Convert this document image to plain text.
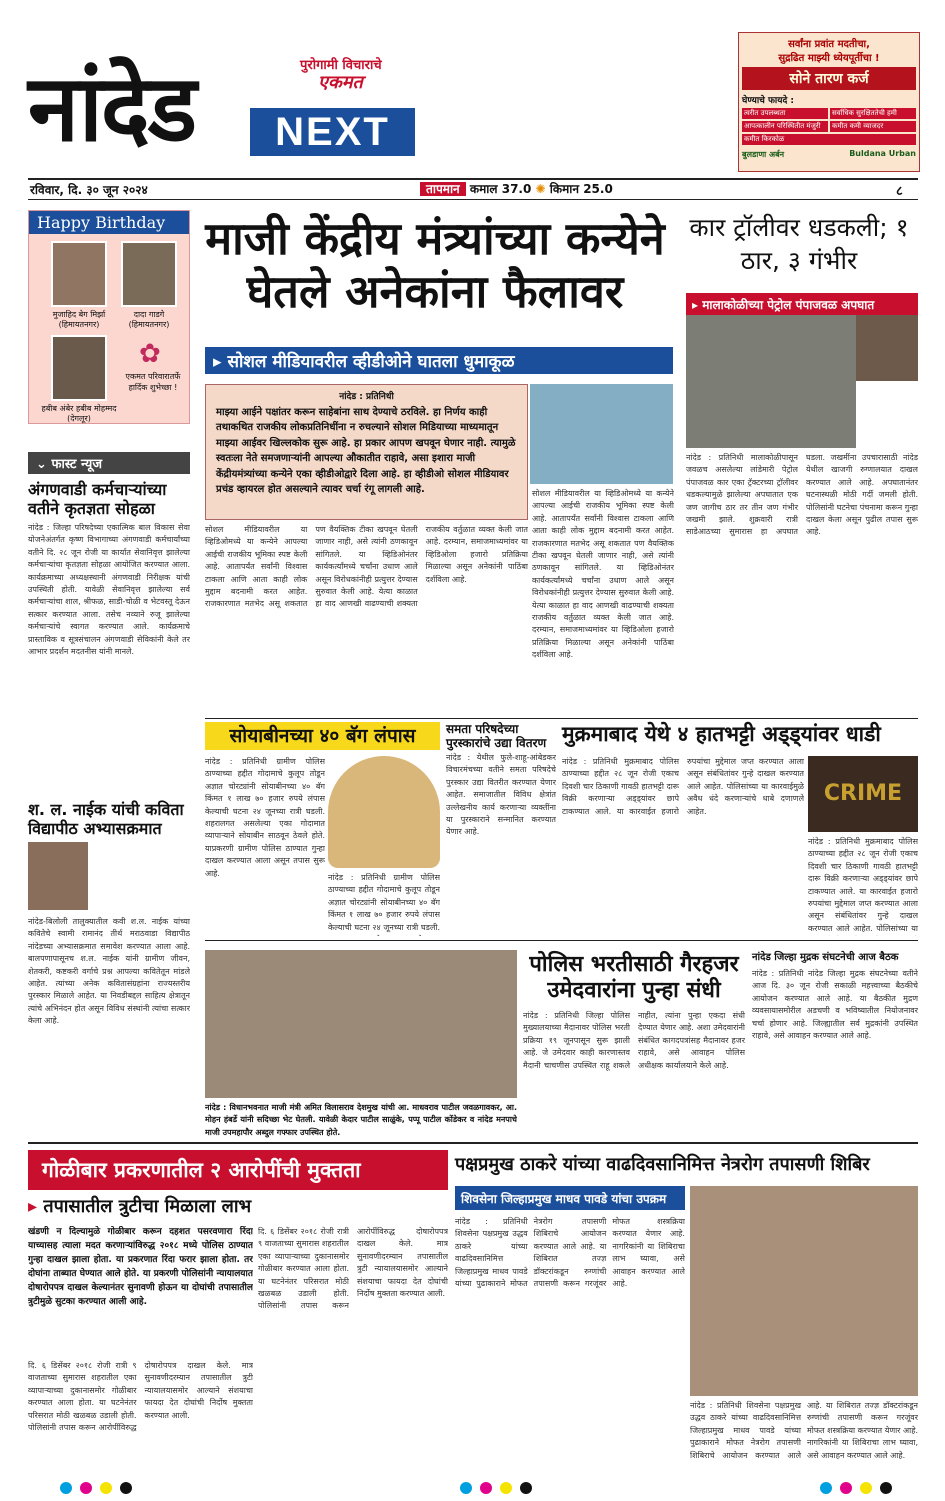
नांदेड	पुरोगामी विचाराचे
एकमत
NEXT
सर्वांना प्रवांत मदतीचा,
सुद्रढित माझ्यी ध्येयपूर्तीचा !
सोने तारण कर्ज
घेण्याचे फायदे :
त्वरीत उपलब्धता	सर्वाधिक सुरक्षिततेची हमी
आपत्कालीन परिस्थितीत मंजुरी	कमीत कमी व्याजदर
कमीत किरकोळ
बुलडाणा अर्बन	Buldana Urban
रविवार, दि. ३० जून २०२४	तापमान कमाल 37.0 ✺ किमान 25.0	८
Happy Birthday
मुजाहिद बेग मिर्झा
(हिमायतनगर)
दादा गाडगे
(हिमायतनगर)
हबीब अंबेर हबीब मोहम्मद
(देगलूर)
✿
एकमत परिवारातर्फे हार्दिक शुभेच्छा !
⌄ फास्ट न्यूज
अंगणवाडी कर्मचाऱ्यांच्या वतीने कृतज्ञता सोहळा
नांदेड : जिल्हा परिषदेच्या एकात्मिक बाल विकास सेवा योजनेअंतर्गत कृष्ण विभागाच्या अंगणवाडी कर्मचार्यांच्या वतीने दि. २८ जून रोजी या कार्यात सेवानिवृत्त झालेल्या कर्मचाऱ्यांचा कृतज्ञता सोहळा आयोजित करण्यात आला. कार्यक्रमाच्या अध्यक्षस्थानी अंगणवाडी निरीक्षक यांची उपस्थिती होती. यावेळी सेवानिवृत्त झालेल्या सर्व कर्मचाऱ्यांचा शाल, श्रीफळ, साडी-चोळी व भेटवस्तू देऊन सत्कार करण्यात आला. तसेच नव्याने रुजू झालेल्या कर्मचाऱ्यांचे स्वागत करण्यात आले. कार्यक्रमाचे प्रास्ताविक व सूत्रसंचालन अंगणवाडी सेविकांनी केले तर आभार प्रदर्शन मदतनीस यांनी मानले.
श. ल. नाईक यांची कविता विद्यापीठ अभ्यासक्रमात
नांदेड-बिलोली तालुक्यातील कवी श.ल. नाईक यांच्या कवितेचे स्वामी रामानंद तीर्थ मराठवाडा विद्यापीठ नांदेडच्या अभ्यासक्रमात समावेश करण्यात आला आहे. बालपणापासूनच श.ल. नाईक यांनी ग्रामीण जीवन, शेतकरी, कष्टकरी वर्गाचे प्रश्न आपल्या कवितेतून मांडले आहेत. त्यांच्या अनेक कवितासंग्रहांना राज्यस्तरीय पुरस्कार मिळाले आहेत. या निवडीबद्दल साहित्य क्षेत्रातून त्यांचे अभिनंदन होत असून विविध संस्थांनी त्यांचा सत्कार केला आहे.
माजी केंद्रीय मंत्र्यांच्या कन्येने घेतले अनेकांना फैलावर
▸ सोशल मीडियावरील व्हीडीओने घातला धुमाकूळ
नांदेड : प्रतिनिधी
माझ्या आईने पक्षांतर करून साहेबांना साथ देण्याचे ठरविले. हा निर्णय काही तथाकथित राजकीय लोकप्रतिनिधींना न रुचल्याने सोशल मिडियाच्या माध्यमातून माझ्या आईवर खिल्लकोक सुरू आहे. हा प्रकार आपण खपवून घेणार नाही. त्यामुळे स्वतःला नेते समजणाऱ्यांनी आपल्या औकातीत राहावे, असा इशारा माजी केंद्रीयमंत्र्यांच्या कन्येने एका व्हीडीओद्वारे दिला आहे. हा व्हीडीओ सोशल मीडियावर प्रचंड व्हायरल होत असल्याने त्यावर चर्चा रंगू लागली आहे.
सोशल मीडियावरील या व्हिडिओमध्ये या कन्येने आपल्या आईची राजकीय भूमिका स्पष्ट केली आहे. आतापर्यंत सर्वांनी विश्वास टाकला आणि आता काही लोक मुद्दाम बदनामी करत आहेत. राजकारणात मतभेद असू शकतात पण वैयक्तिक टीका खपवून घेतली जाणार नाही, असे त्यांनी ठणकावून सांगितले. या व्हिडिओनंतर कार्यकर्त्यांमध्ये चर्चांना उधाण आले असून विरोधकांनीही प्रत्युत्तर देण्यास सुरुवात केली आहे. येत्या काळात हा वाद आणखी वाढण्याची शक्यता राजकीय वर्तुळात व्यक्त केली जात आहे. दरम्यान, समाजमाध्यमांवर या व्हिडिओला हजारो प्रतिक्रिया मिळाल्या असून अनेकांनी पाठिंबा दर्शविला आहे.
सोशल मीडियावरील या व्हिडिओमध्ये या कन्येने आपल्या आईची राजकीय भूमिका स्पष्ट केली आहे. आतापर्यंत सर्वांनी विश्वास टाकला आणि आता काही लोक मुद्दाम बदनामी करत आहेत. राजकारणात मतभेद असू शकतात पण वैयक्तिक टीका खपवून घेतली जाणार नाही, असे त्यांनी ठणकावून सांगितले. या व्हिडिओनंतर कार्यकर्त्यांमध्ये चर्चांना उधाण आले असून विरोधकांनीही प्रत्युत्तर देण्यास सुरुवात केली आहे. येत्या काळात हा वाद आणखी वाढण्याची शक्यता राजकीय वर्तुळात व्यक्त केली जात आहे. दरम्यान, समाजमाध्यमांवर या व्हिडिओला हजारो प्रतिक्रिया मिळाल्या असून अनेकांनी पाठिंबा दर्शविला आहे.
कार ट्रॉलीवर धडकली; १ ठार, ३ गंभीर
▸ मालाकोळीच्या पेट्रोल पंपाजवळ अपघात
नांदेड : प्रतिनिधी मालाकोळीपासून जवळच असलेल्या लांडेमारी पेट्रोल पंपाजवळ कार एका ट्रॅक्टरच्या ट्रॉलीवर धडकल्यामुळे झालेल्या अपघातात एक जण जागीच ठार तर तीन जण गंभीर जखमी झाले. शुक्रवारी रात्री साडेआठच्या सुमारास हा अपघात घडला. जखमींना उपचारासाठी नांदेड येथील खाजगी रुग्णालयात दाखल करण्यात आले आहे. अपघातानंतर घटनास्थळी मोठी गर्दी जमली होती. पोलिसांनी घटनेचा पंचनामा करून गुन्हा दाखल केला असून पुढील तपास सुरू आहे.
सोयाबीनच्या ४० बॅग लंपास
नांदेड : प्रतिनिधी ग्रामीण पोलिस ठाण्याच्या हद्दीत गोदामाचे कुलूप तोडून अज्ञात चोरट्यांनी सोयाबीनच्या ४० बॅग किंमत १ लाख ७० हजार रुपये लंपास केल्याची घटना २४ जूनच्या रात्री घडली. शहरालगत असलेल्या एका गोदामात व्यापाऱ्याने सोयाबीन साठवून ठेवले होते. याप्रकरणी ग्रामीण पोलिस ठाण्यात गुन्हा दाखल करण्यात आला असून तपास सुरू आहे.	नांदेड : प्रतिनिधी ग्रामीण पोलिस ठाण्याच्या हद्दीत गोदामाचे कुलूप तोडून अज्ञात चोरट्यांनी सोयाबीनच्या ४० बॅग किंमत १ लाख ७० हजार रुपये लंपास केल्याची घटना २४ जूनच्या रात्री घडली.
समता परिषदेच्या पुरस्कारांचे उद्या वितरण
नांदेड : येथील फुले-शाहू-आंबेडकर विचारमंचच्या वतीने समता परिषदेचे पुरस्कार उद्या वितरीत करण्यात येणार आहेत. समाजातील विविध क्षेत्रांत उल्लेखनीय कार्य करणाऱ्या व्यक्तींना या पुरस्काराने सन्मानित करण्यात येणार आहे.
मुक्रमाबाद येथे ४ हातभट्टी अड्ड्यांवर धाडी
नांदेड : प्रतिनिधी मुक्रमाबाद पोलिस ठाण्याच्या हद्दीत २८ जून रोजी एकाच दिवशी चार ठिकाणी गावठी हातभट्टी दारू विक्री करणाऱ्या अड्ड्यांवर छापे टाकण्यात आले. या कारवाईत हजारो रुपयांचा मुद्देमाल जप्त करण्यात आला असून संबंधितांवर गुन्हे दाखल करण्यात आले आहेत. पोलिसांच्या या कारवाईमुळे अवैध धंदे करणाऱ्यांचे धाबे दणाणले आहेत.
CRIME
नांदेड : प्रतिनिधी मुक्रमाबाद पोलिस ठाण्याच्या हद्दीत २८ जून रोजी एकाच दिवशी चार ठिकाणी गावठी हातभट्टी दारू विक्री करणाऱ्या अड्ड्यांवर छापे टाकण्यात आले. या कारवाईत हजारो रुपयांचा मुद्देमाल जप्त करण्यात आला असून संबंधितांवर गुन्हे दाखल करण्यात आले आहेत. पोलिसांच्या या
नांदेड : विधानभवनात माजी मंत्री अमित विलासराव देशमुख यांची आ. माधवराव पाटील जवळगावकर, आ. मोहन हंबर्डे यांनी सदिच्छा भेट घेतली. यावेळी केदार पाटील साळुंके, पप्पू पाटील कोंडेकर व नांदेड मनपाचे माजी उपमहापौर अब्दुल गफ्फार उपस्थित होते.
पोलिस भरतीसाठी गैरहजर उमेदवारांना पुन्हा संधी
नांदेड : प्रतिनिधी जिल्हा पोलिस मुख्यालयाच्या मैदानावर पोलिस भरती प्रक्रिया १९ जूनपासून सुरू झाली आहे. जे उमेदवार काही कारणास्तव मैदानी चाचणीस उपस्थित राहू शकले नाहीत, त्यांना पुन्हा एकदा संधी देण्यात येणार आहे. अशा उमेदवारांनी संबंधित कागदपत्रांसह मैदानावर हजर राहावे, असे आवाहन पोलिस अधीक्षक कार्यालयाने केले आहे.
नांदेड जिल्हा मुद्रक संघटनेची आज बैठक
नांदेड : प्रतिनिधी नांदेड जिल्हा मुद्रक संघटनेच्या वतीने आज दि. ३० जून रोजी सकाळी महत्त्वाच्या बैठकीचे आयोजन करण्यात आले आहे. या बैठकीत मुद्रण व्यवसायासमोरील अडचणी व भविष्यातील नियोजनावर चर्चा होणार आहे. जिल्ह्यातील सर्व मुद्रकांनी उपस्थित राहावे, असे आवाहन करण्यात आले आहे.
गोळीबार प्रकरणातील २ आरोपींची मुक्तता
▸ तपासातील त्रुटीचा मिळाला लाभ
खंडणी न दिल्यामुळे गोळीबार करून दहशत पसरवणारा रिंदा याच्यासह त्याला मदत करणाऱ्यांविरुद्ध २०१८ मध्ये पोलिस ठाण्यात गुन्हा दाखल झाला होता. या प्रकरणात रिंदा फरार झाला होता. तर दोघांना ताब्यात घेण्यात आले होते. या प्रकरणी पोलिसांनी न्यायालयात दोषारोपपत्र दाखल केल्यानंतर सुनावणी होऊन या दोघांची तपासातील त्रुटीमुळे सुटका करण्यात आली आहे.
दि. ६ डिसेंबर २०१८ रोजी रात्री ९ वाजताच्या सुमारास शहरातील एका व्यापाऱ्याच्या दुकानासमोर गोळीबार करण्यात आला होता. या घटनेनंतर परिसरात मोठी खळबळ उडाली होती. पोलिसांनी तपास करून आरोपींविरुद्ध दोषारोपपत्र दाखल केले. मात्र सुनावणीदरम्यान तपासातील त्रुटी न्यायालयासमोर आल्याने संशयाचा फायदा देत दोघांची निर्दोष मुक्तता करण्यात आली.
दि. ६ डिसेंबर २०१८ रोजी रात्री ९ वाजताच्या सुमारास शहरातील एका व्यापाऱ्याच्या दुकानासमोर गोळीबार करण्यात आला होता. या घटनेनंतर परिसरात मोठी खळबळ उडाली होती. पोलिसांनी तपास करून आरोपींविरुद्ध दोषारोपपत्र दाखल केले. मात्र सुनावणीदरम्यान तपासातील त्रुटी न्यायालयासमोर आल्याने संशयाचा फायदा देत दोघांची निर्दोष मुक्तता करण्यात आली.
पक्षप्रमुख ठाकरे यांच्या वाढदिवसानिमित्त नेत्ररोग तपासणी शिबिर
शिवसेना जिल्हाप्रमुख माधव पावडे यांचा उपक्रम
नांदेड : प्रतिनिधी शिवसेना पक्षप्रमुख उद्धव ठाकरे यांच्या वाढदिवसानिमित्त जिल्हाप्रमुख माधव पावडे यांच्या पुढाकाराने मोफत नेत्ररोग तपासणी शिबिराचे आयोजन करण्यात आले आहे. या शिबिरात तज्ज्ञ डॉक्टरांकडून रुग्णांची तपासणी करून गरजूंवर मोफत शस्त्रक्रिया करण्यात येणार आहे. नागरिकांनी या शिबिराचा लाभ घ्यावा, असे आवाहन करण्यात आले आहे.
नांदेड : प्रतिनिधी शिवसेना पक्षप्रमुख उद्धव ठाकरे यांच्या वाढदिवसानिमित्त जिल्हाप्रमुख माधव पावडे यांच्या पुढाकाराने मोफत नेत्ररोग तपासणी शिबिराचे आयोजन करण्यात आले आहे. या शिबिरात तज्ज्ञ डॉक्टरांकडून रुग्णांची तपासणी करून गरजूंवर मोफत शस्त्रक्रिया करण्यात येणार आहे. नागरिकांनी या शिबिराचा लाभ घ्यावा, असे आवाहन करण्यात आले आहे.
